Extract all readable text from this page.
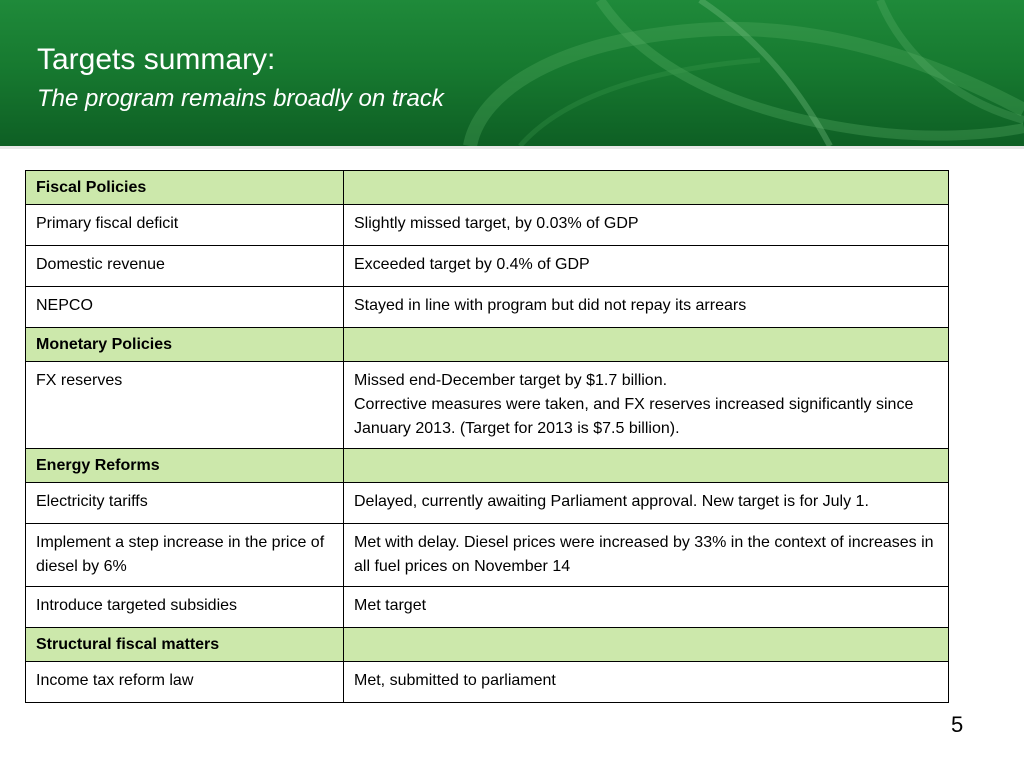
Targets summary:
The program remains broadly on track
Fiscal Policies	
Primary fiscal deficit	Slightly missed target, by 0.03% of GDP
Domestic revenue	Exceeded target by 0.4% of GDP
NEPCO	Stayed in line with program but did not repay its arrears
Monetary Policies	
FX reserves	Missed end-December target by $1.7 billion.
Corrective measures were taken, and FX reserves increased significantly since January 2013. (Target for 2013 is $7.5 billion).
Energy Reforms	
Electricity tariffs	Delayed, currently awaiting Parliament approval. New target is for July 1.
Implement a step increase in the price of diesel by 6%	Met with delay. Diesel prices were increased by 33% in the context of increases in all fuel prices on November 14
Introduce targeted subsidies	Met target
Structural fiscal matters	
Income tax reform law	Met, submitted to parliament
5
